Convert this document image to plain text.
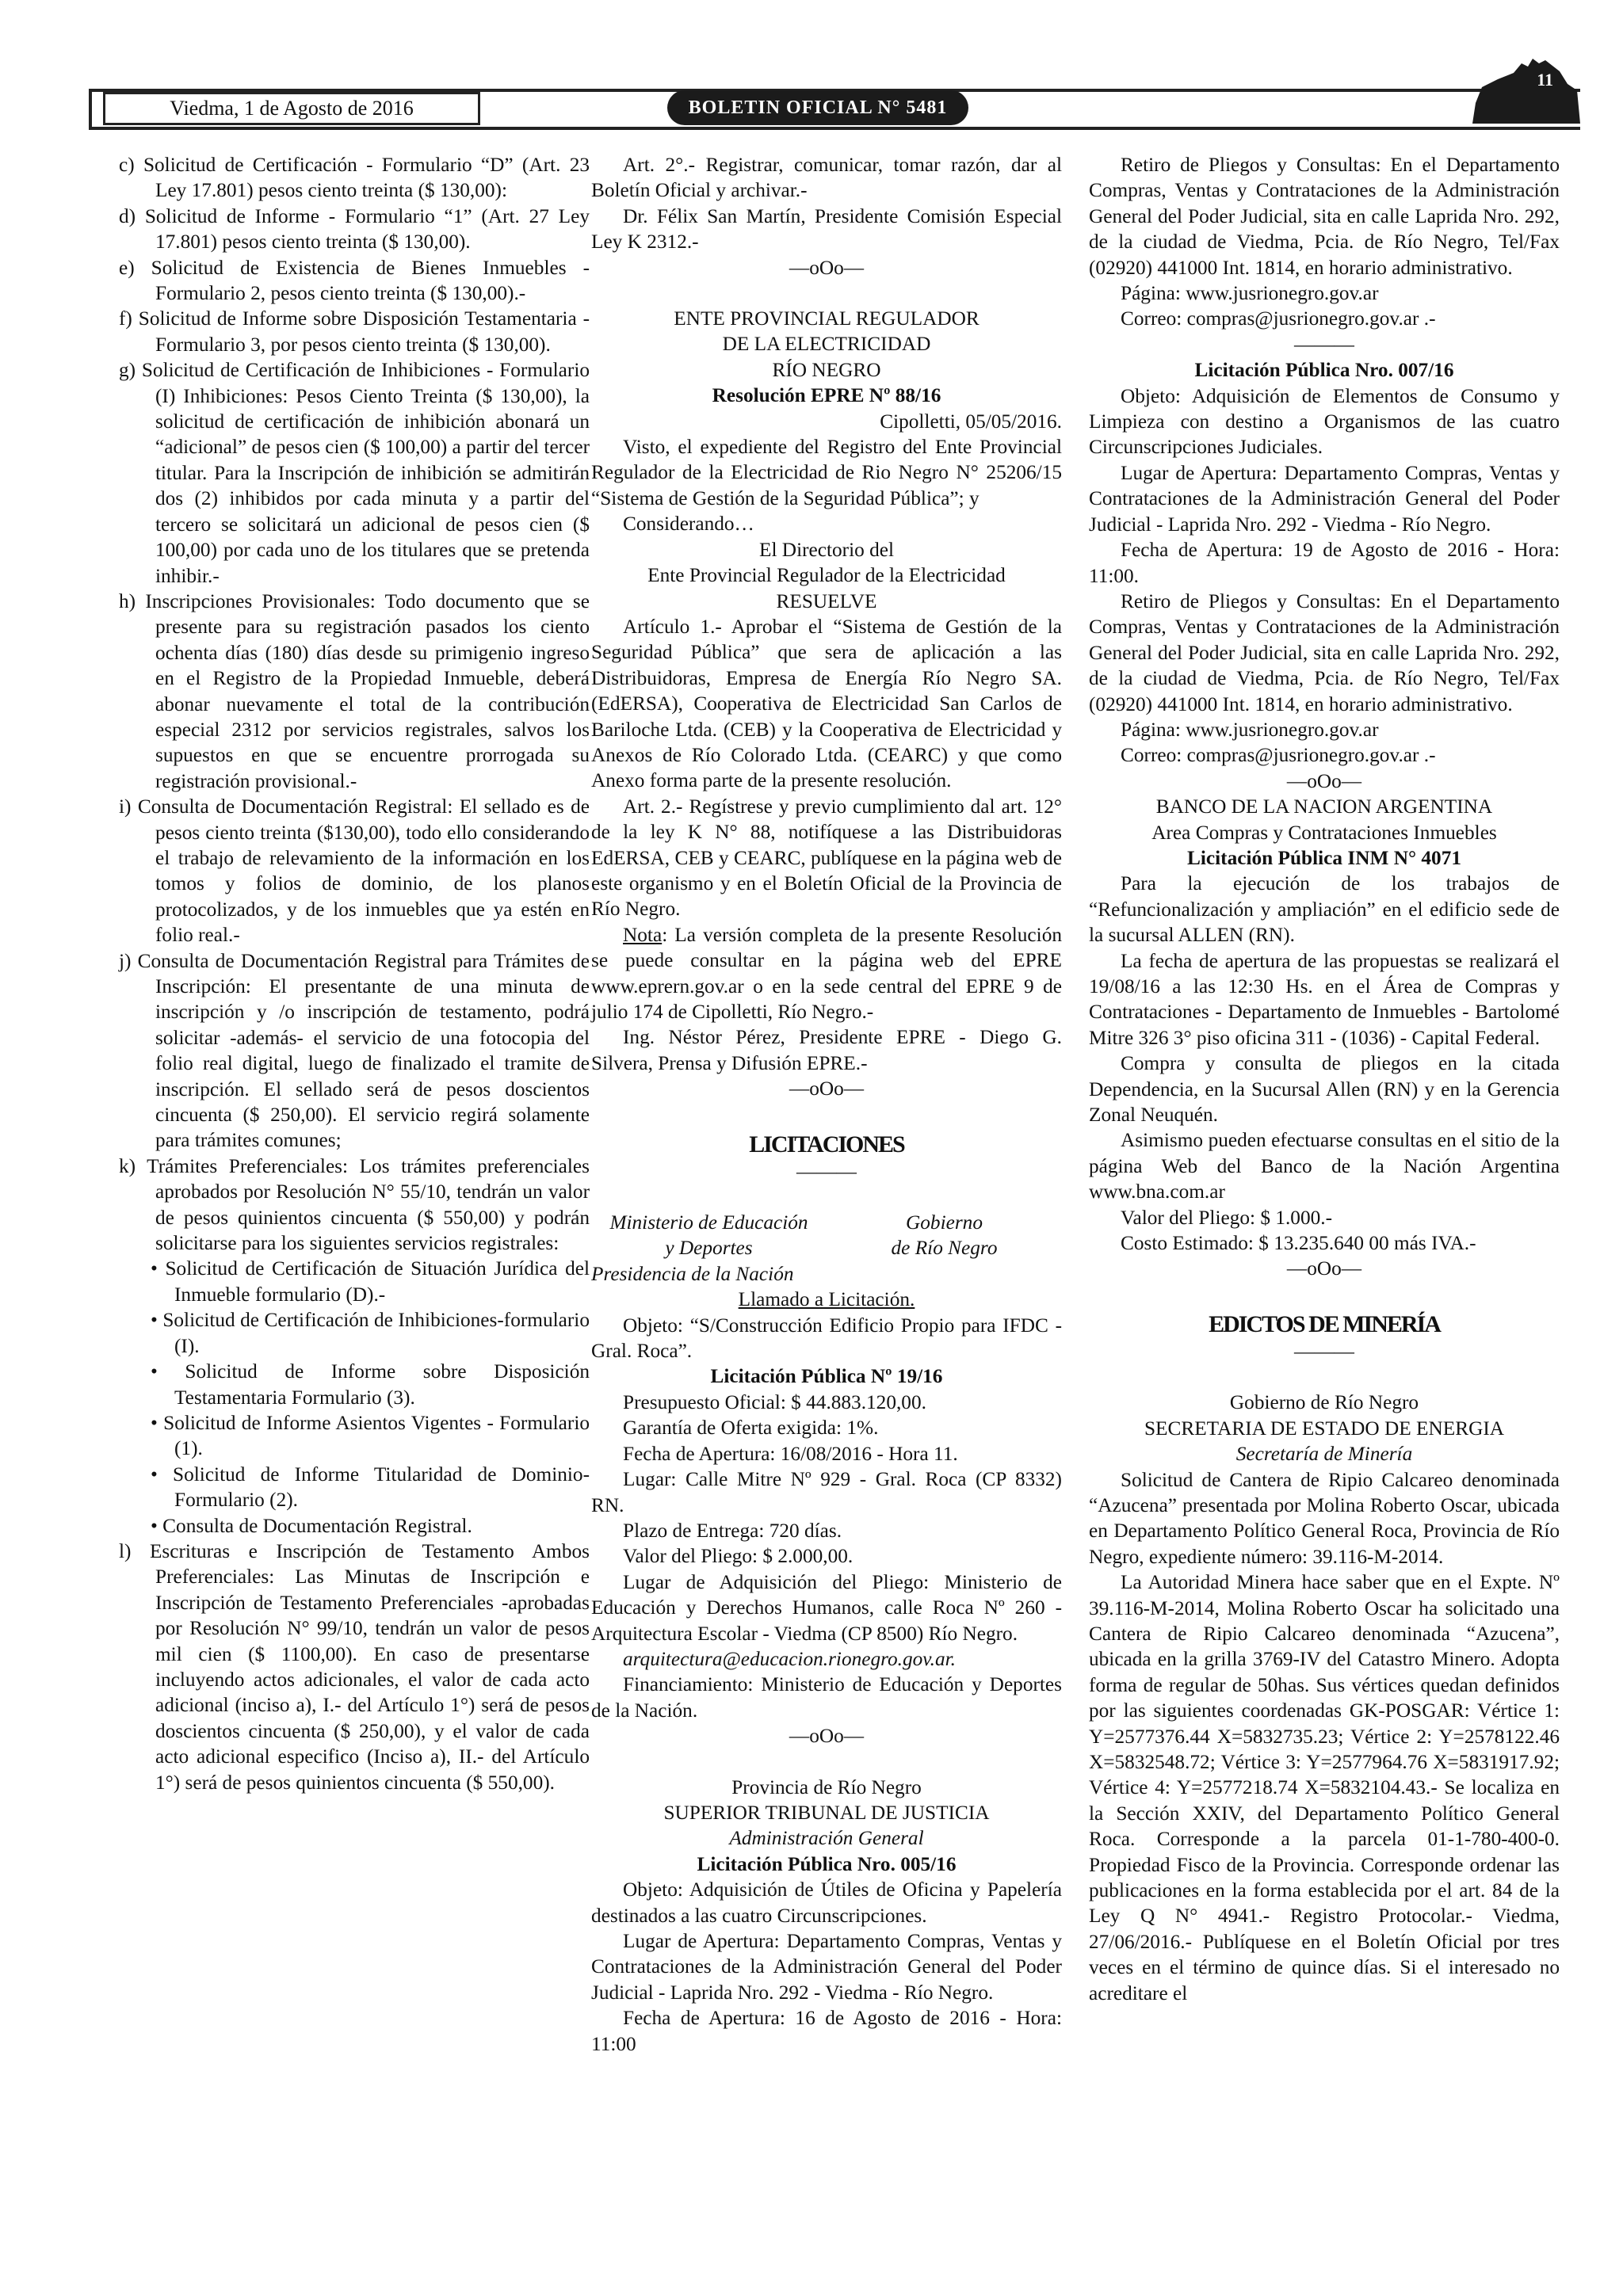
Viedma, 1 de Agosto de 2016	BOLETIN OFICIAL N° 5481
11

c) Solicitud de Certificación - Formulario “D” (Art. 23 Ley 17.801) pesos ciento treinta ($ 130,00):

d) Solicitud de Informe - Formulario “1” (Art. 27 Ley 17.801) pesos ciento treinta ($ 130,00).

e) Solicitud de Existencia de Bienes Inmuebles - Formulario 2, pesos ciento treinta ($ 130,00).-

f) Solicitud de Informe sobre Disposición Testamentaria - Formulario 3, por pesos ciento treinta ($ 130,00).

g) Solicitud de Certificación de Inhibiciones - Formulario (I) Inhibiciones: Pesos Ciento Treinta ($ 130,00), la solicitud de certificación de inhibición abonará un “adicional” de pesos cien ($ 100,00) a partir del tercer titular. Para la Inscripción de inhibición se admitirán dos (2) inhibidos por cada minuta y a partir del tercero se solicitará un adicional de pesos cien ($ 100,00) por cada uno de los titulares que se pretenda inhibir.-

h) Inscripciones Provisionales: Todo documento que se presente para su registración pasados los ciento ochenta días (180) días desde su primigenio ingreso en el Registro de la Propiedad Inmueble, deberá abonar nuevamente el total de la contribución especial 2312 por servicios registrales, salvos los supuestos en que se encuentre prorrogada su registración provisional.-

i) Consulta de Documentación Registral: El sellado es de pesos ciento treinta ($130,00), todo ello considerando el trabajo de relevamiento de la información en los tomos y folios de dominio, de los planos protocolizados, y de los inmuebles que ya estén en folio real.-

j) Consulta de Documentación Registral para Trámites de Inscripción: El presentante de una minuta de inscripción y /o inscripción de testamento, podrá solicitar -además- el servicio de una fotocopia del folio real digital, luego de finalizado el tramite de inscripción. El sellado será de pesos doscientos cincuenta ($ 250,00). El servicio regirá solamente para trámites comunes;

k) Trámites Preferenciales: Los trámites preferenciales aprobados por Resolución N° 55/10, tendrán un valor de pesos quinientos cincuenta ($ 550,00) y podrán solicitarse para los siguientes servicios registrales:

• Solicitud de Certificación de Situación Jurídica del Inmueble formulario (D).-

• Solicitud de Certificación de Inhibiciones-formulario (I).

• Solicitud de Informe sobre Disposición Testamentaria Formulario (3).

• Solicitud de Informe Asientos Vigentes - Formulario (1).

• Solicitud de Informe Titularidad de Dominio- Formulario (2).

• Consulta de Documentación Registral.

l) Escrituras e Inscripción de Testamento Ambos Preferenciales: Las Minutas de Inscripción e Inscripción de Testamento Preferenciales -aprobadas por Resolución N° 99/10, tendrán un valor de pesos mil cien ($ 1100,00). En caso de presentarse incluyendo actos adicionales, el valor de cada acto adicional (inciso a), I.- del Artículo 1°) será de pesos doscientos cincuenta ($ 250,00), y el valor de cada acto adicional especifico (Inciso a), II.- del Artículo 1°) será de pesos quinientos cincuenta ($ 550,00).

Art. 2°.- Registrar, comunicar, tomar razón, dar al Boletín Oficial y archivar.-

Dr. Félix San Martín, Presidente Comisión Especial Ley K 2312.-

—oOo—

ENTE PROVINCIAL REGULADOR

DE LA ELECTRICIDAD

RÍO NEGRO

Resolución EPRE Nº 88/16

Cipolletti, 05/05/2016.

Visto, el expediente del Registro del Ente Provincial Regulador de la Electricidad de Rio Negro N° 25206/15 “Sistema de Gestión de la Seguridad Pública”; y

Considerando…

El Directorio del

Ente Provincial Regulador de la Electricidad

RESUELVE

Artículo 1.- Aprobar el “Sistema de Gestión de la Seguridad Pública” que sera de aplicación a las Distribuidoras, Empresa de Energía Río Negro SA. (EdERSA), Cooperativa de Electricidad San Carlos de Bariloche Ltda. (CEB) y la Cooperativa de Electricidad y Anexos de Río Colorado Ltda. (CEARC) y que como Anexo forma parte de la presente resolución.

Art. 2.- Regístrese y previo cumplimiento dal art. 12° de la ley K N° 88, notifíquese a las Distribuidoras EdERSA, CEB y CEARC, publíquese en la página web de este organismo y en el Boletín Oficial de la Provincia de Río Negro.

Nota: La versión completa de la presente Resolución se puede consultar en la página web del EPRE www.eprern.gov.ar o en la sede central del EPRE 9 de julio 174 de Cipolletti, Río Negro.-

Ing. Néstor Pérez, Presidente EPRE - Diego G. Silvera, Prensa y Difusión EPRE.-

—oOo—

LICITACIONES

———

Ministerio de Educación	Gobierno
y Deportes	de Río Negro

Presidencia de la Nación

Llamado a Licitación.

Objeto: “S/Construcción Edificio Propio para IFDC - Gral. Roca”.

Licitación Pública Nº 19/16

Presupuesto Oficial: $ 44.883.120,00.

Garantía de Oferta exigida: 1%.

Fecha de Apertura: 16/08/2016 - Hora 11.

Lugar: Calle Mitre Nº 929 - Gral. Roca (CP 8332) RN.

Plazo de Entrega: 720 días.

Valor del Pliego: $ 2.000,00.

Lugar de Adquisición del Pliego: Ministerio de Educación y Derechos Humanos, calle Roca Nº 260 - Arquitectura Escolar - Viedma (CP 8500) Río Negro.

arquitectura@educacion.rionegro.gov.ar.

Financiamiento: Ministerio de Educación y Deportes de la Nación.

—oOo—

Provincia de Río Negro

SUPERIOR TRIBUNAL DE JUSTICIA

Administración General

Licitación Pública Nro. 005/16

Objeto: Adquisición de Útiles de Oficina y Papelería destinados a las cuatro Circunscripciones.

Lugar de Apertura: Departamento Compras, Ventas y Contrataciones de la Administración General del Poder Judicial - Laprida Nro. 292 - Viedma - Río Negro.

Fecha de Apertura: 16 de Agosto de 2016 - Hora: 11:00

Retiro de Pliegos y Consultas: En el Departamento Compras, Ventas y Contrataciones de la Administración General del Poder Judicial, sita en calle Laprida Nro. 292, de la ciudad de Viedma, Pcia. de Río Negro, Tel/Fax (02920) 441000 Int. 1814, en horario administrativo.

Página: www.jusrionegro.gov.ar

Correo: compras@jusrionegro.gov.ar .-

———

Licitación Pública Nro. 007/16

Objeto: Adquisición de Elementos de Consumo y Limpieza con destino a Organismos de las cuatro Circunscripciones Judiciales.

Lugar de Apertura: Departamento Compras, Ventas y Contrataciones de la Administración General del Poder Judicial - Laprida Nro. 292 - Viedma - Río Negro.

Fecha de Apertura: 19 de Agosto de 2016 - Hora: 11:00.

Retiro de Pliegos y Consultas: En el Departamento Compras, Ventas y Contrataciones de la Administración General del Poder Judicial, sita en calle Laprida Nro. 292, de la ciudad de Viedma, Pcia. de Río Negro, Tel/Fax (02920) 441000 Int. 1814, en horario administrativo.

Página: www.jusrionegro.gov.ar

Correo: compras@jusrionegro.gov.ar .-

—oOo—

BANCO DE LA NACION ARGENTINA

Area Compras y Contrataciones Inmuebles

Licitación Pública INM N° 4071

Para la ejecución de los trabajos de “Refuncionalización y ampliación” en el edificio sede de la sucursal ALLEN (RN).

La fecha de apertura de las propuestas se realizará el 19/08/16 a las 12:30 Hs. en el Área de Compras y Contrataciones - Departamento de Inmuebles - Bartolomé Mitre 326 3° piso oficina 311 - (1036) - Capital Federal.

Compra y consulta de pliegos en la citada Dependencia, en la Sucursal Allen (RN) y en la Gerencia Zonal Neuquén.

Asimismo pueden efectuarse consultas en el sitio de la página Web del Banco de la Nación Argentina www.bna.com.ar

Valor del Pliego: $ 1.000.-

Costo Estimado: $ 13.235.640 00 más IVA.-

—oOo—

EDICTOS DE MINERÍA

———

Gobierno de Río Negro

SECRETARIA DE ESTADO DE ENERGIA

Secretaría de Minería

Solicitud de Cantera de Ripio Calcareo denominada “Azucena” presentada por Molina Roberto Oscar, ubicada en Departamento Político General Roca, Provincia de Río Negro, expediente número: 39.116-M-2014.

La Autoridad Minera hace saber que en el Expte. Nº 39.116-M-2014, Molina Roberto Oscar ha solicitado una Cantera de Ripio Calcareo denominada “Azucena”, ubicada en la grilla 3769-IV del Catastro Minero. Adopta forma de regular de 50has. Sus vértices quedan definidos por las siguientes coordenadas GK-POSGAR: Vértice 1: Y=2577376.44 X=5832735.23; Vértice 2: Y=2578122.46 X=5832548.72; Vértice 3: Y=2577964.76 X=5831917.92; Vértice 4: Y=2577218.74 X=5832104.43.- Se localiza en la Sección XXIV, del Departamento Político General Roca. Corresponde a la parcela 01-1-780-400-0. Propiedad Fisco de la Provincia. Corresponde ordenar las publicaciones en la forma establecida por el art. 84 de la Ley Q N° 4941.- Registro Protocolar.- Viedma, 27/06/2016.- Publíquese en el Boletín Oficial por tres veces en el término de quince días. Si el interesado no acreditare el
